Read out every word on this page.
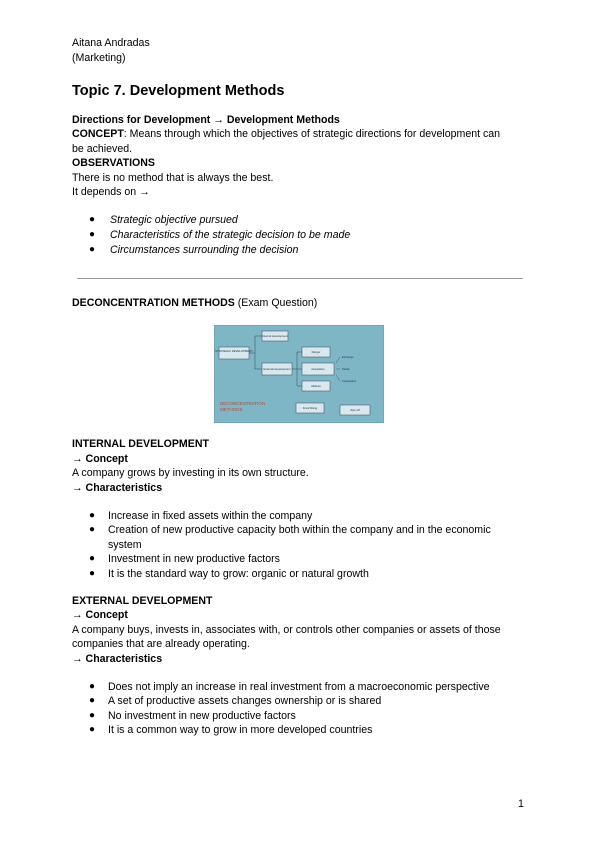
Aitana Andradas
(Marketing)
Topic 7. Development Methods
Directions for Development → Development Methods
CONCEPT: Means through which the objectives of strategic directions for development can
be achieved.
OBSERVATIONS
There is no method that is always the best.
It depends on →
● Strategic objective pursued
● Characteristics of the strategic decision to be made
● Circumstances surrounding the decision
DECONCENTRATION METHODS (Exam Question)
STRATEGIC DEVELOPMENT
Internal development
External development
Merger
Acquisition
Alliance
Exchange
Partial
Cooperation
DECONCENTRATION
METHODS	Franchising	Spin-off
INTERNAL DEVELOPMENT
→ Concept
A company grows by investing in its own structure.
→ Characteristics
● Increase in fixed assets within the company
● Creation of new productive capacity both within the company and in the economic
system
● Investment in new productive factors
● It is the standard way to grow: organic or natural growth
EXTERNAL DEVELOPMENT
→ Concept
A company buys, invests in, associates with, or controls other companies or assets of those
companies that are already operating.
→ Characteristics
● Does not imply an increase in real investment from a macroeconomic perspective
● A set of productive assets changes ownership or is shared
● No investment in new productive factors
● It is a common way to grow in more developed countries
1
